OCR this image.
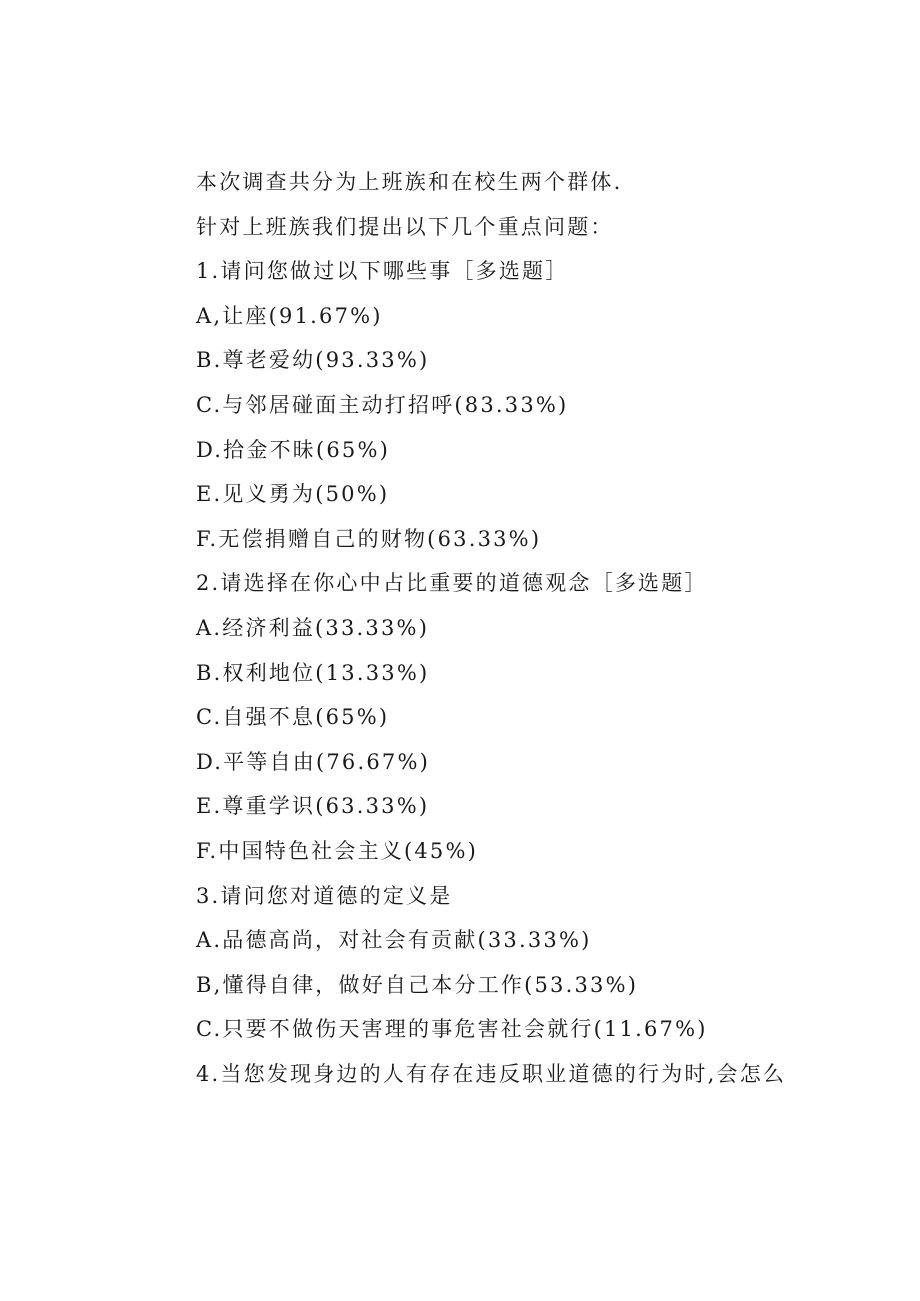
本次调查共分为上班族和在校生两个群体.
针对上班族我们提出以下几个重点问题：
1.请问您做过以下哪些事［多选题］
A,让座(91.67%)
B.尊老爱幼(93.33%)
C.与邻居碰面主动打招呼(83.33%)
D.拾金不昧(65%)
E.见义勇为(50%)
F.无偿捐赠自己的财物(63.33%)
2.请选择在你心中占比重要的道德观念［多选题］
A.经济利益(33.33%)
B.权利地位(13.33%)
C.自强不息(65%)
D.平等自由(76.67%)
E.尊重学识(63.33%)
F.中国特色社会主义(45%)
3.请问您对道德的定义是
A.品德高尚，对社会有贡献(33.33%)
B,懂得自律，做好自己本分工作(53.33%)
C.只要不做伤天害理的事危害社会就行(11.67%)
4.当您发现身边的人有存在违反职业道德的行为时,会怎么
